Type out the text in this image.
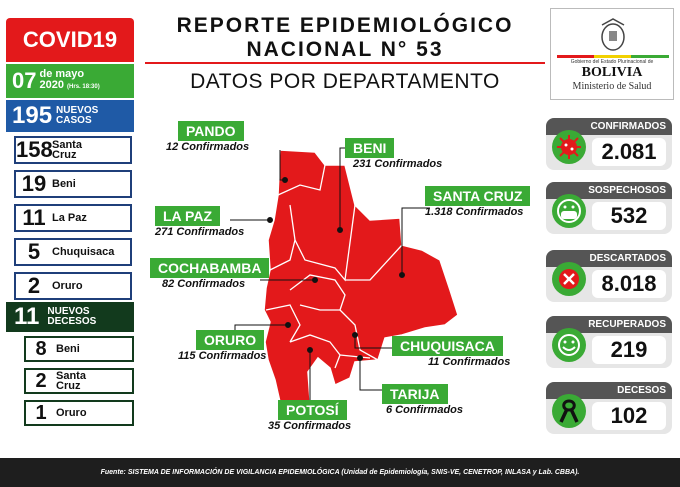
COVID19
07 de mayo
2020 (Hrs. 18:30)
195 NUEVOS
CASOS
158 Santa Cruz
19 Beni
11 La Paz
5	Chuquisaca
2	Oruro
11 NUEVOS
DECESOS
8 Beni
2 Santa Cruz
1 Oruro
REPORTE EPIDEMIOLÓGICO
NACIONAL N° 53
DATOS POR DEPARTAMENTO
Gobierno del Estado Plurinacional de
BOLIVIA
Ministerio de Salud
PANDO
12 Confirmados	BENI
231 Confirmados
SANTA CRUZ
1.318 Confirmados
LA PAZ
271 Confirmados
COCHABAMBA
82 Confirmados
ORURO
115 Confirmados
CHUQUISACA
11 Confirmados
TARIJA
6 Confirmados
POTOSÍ
35 Confirmados
CONFIRMADOS
2.081
SOSPECHOSOS
532
DESCARTADOS
8.018
RECUPERADOS
219
DECESOS
102
Fuente: SISTEMA DE INFORMACIÓN DE VIGILANCIA EPIDEMIOLÓGICA (Unidad de Epidemiología, SNIS-VE, CENETROP, INLASA y Lab. CBBA).
